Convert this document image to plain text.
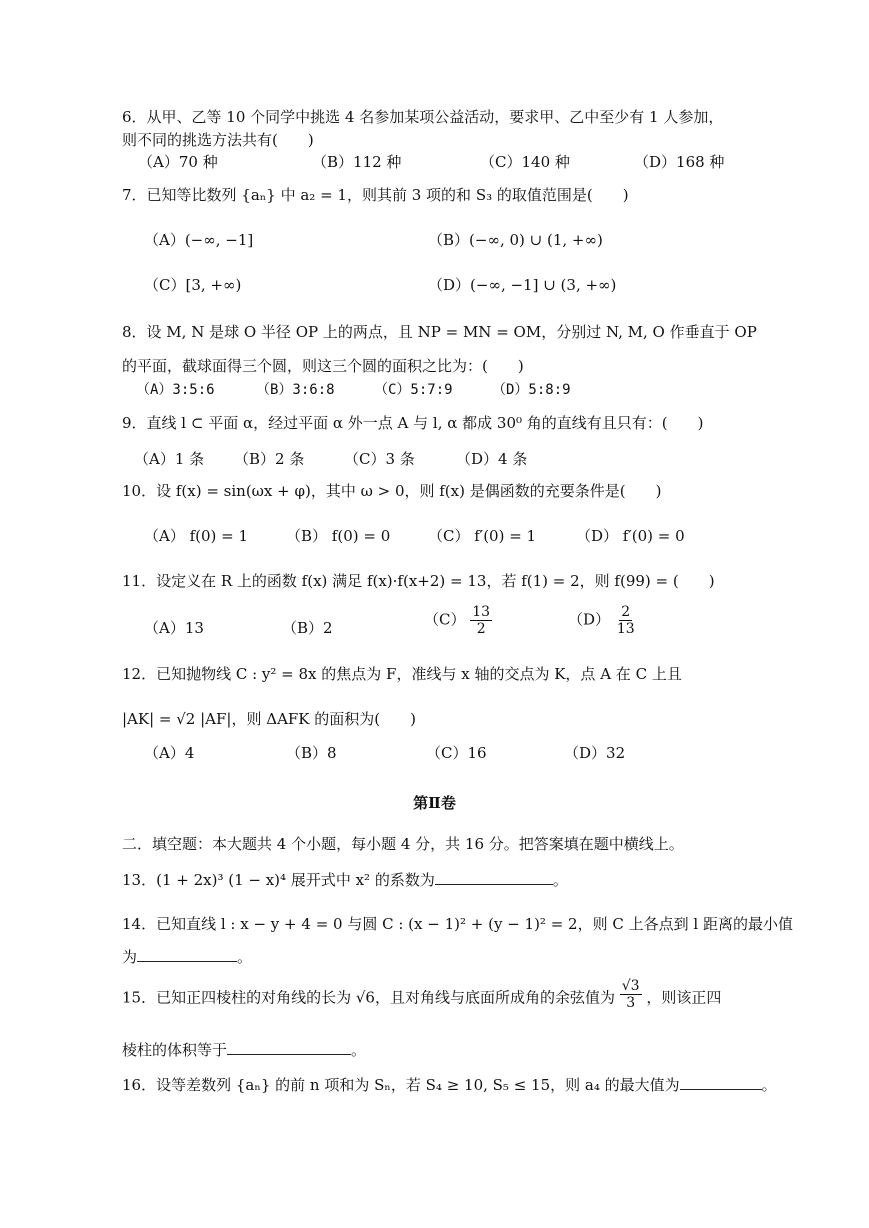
6．从甲、乙等 10 个同学中挑选 4 名参加某项公益活动，要求甲、乙中至少有 1 人参加，
则不同的挑选方法共有(　　)
（A）70 种	（B）112 种	（C）140 种	（D）168 种
7．已知等比数列 {aₙ} 中 a₂ = 1，则其前 3 项的和 S₃ 的取值范围是(　　)
（A）(−∞, −1]	（B）(−∞, 0) ∪ (1, +∞)
（C）[3, +∞)	（D）(−∞, −1] ∪ (3, +∞)
8．设 M, N 是球 O 半径 OP 上的两点，且 NP = MN = OM，分别过 N, M, O 作垂直于 OP
的平面，截球面得三个圆，则这三个圆的面积之比为：(　　)
（A）3:5:6	（B）3:6:8	（C）5:7:9	（D）5:8:9
9．直线 l ⊂ 平面 α，经过平面 α 外一点 A 与 l, α 都成 30⁰ 角的直线有且只有：(　　)
（A）1 条 （B）2 条	（C）3 条	（D）4 条
10．设 f(x) = sin(ωx + φ)，其中 ω > 0，则 f(x) 是偶函数的充要条件是(　　)
（A） f(0) = 1	（B） f(0) = 0	（C） f′(0) = 1	（D） f′(0) = 0
11．设定义在 R 上的函数 f(x) 满足 f(x)·f(x+2) = 13，若 f(1) = 2，则 f(99) = (　　)
（A）13	（B）2	$(C) \frac{13}{2}$	$(D) \frac{2}{13}$
12．已知抛物线 C : y² = 8x 的焦点为 F，准线与 x 轴的交点为 K，点 A 在 C 上且
|AK| = √2 |AF|，则 ΔAFK 的面积为(　　)
（A）4	（B）8	（C）16	（D）32
第Ⅱ卷
二．填空题：本大题共 4 个小题，每小题 4 分，共 16 分。把答案填在题中横线上。
13．(1 + 2x)³ (1 − x)⁴ 展开式中 x² 的系数为	。
14．已知直线 l : x − y + 4 = 0 与圆 C : (x − 1)² + (y − 1)² = 2，则 C 上各点到 l 距离的最小值
为	。
15．已知正四棱柱的对角线的长为 √6，且对角线与底面所成角的余弦值为 $\frac{√3}{3}$ ，则该正四
棱柱的体积等于	。
16．设等差数列 {aₙ} 的前 n 项和为 Sₙ，若 S₄ ≥ 10, S₅ ≤ 15，则 a₄ 的最大值为	。
